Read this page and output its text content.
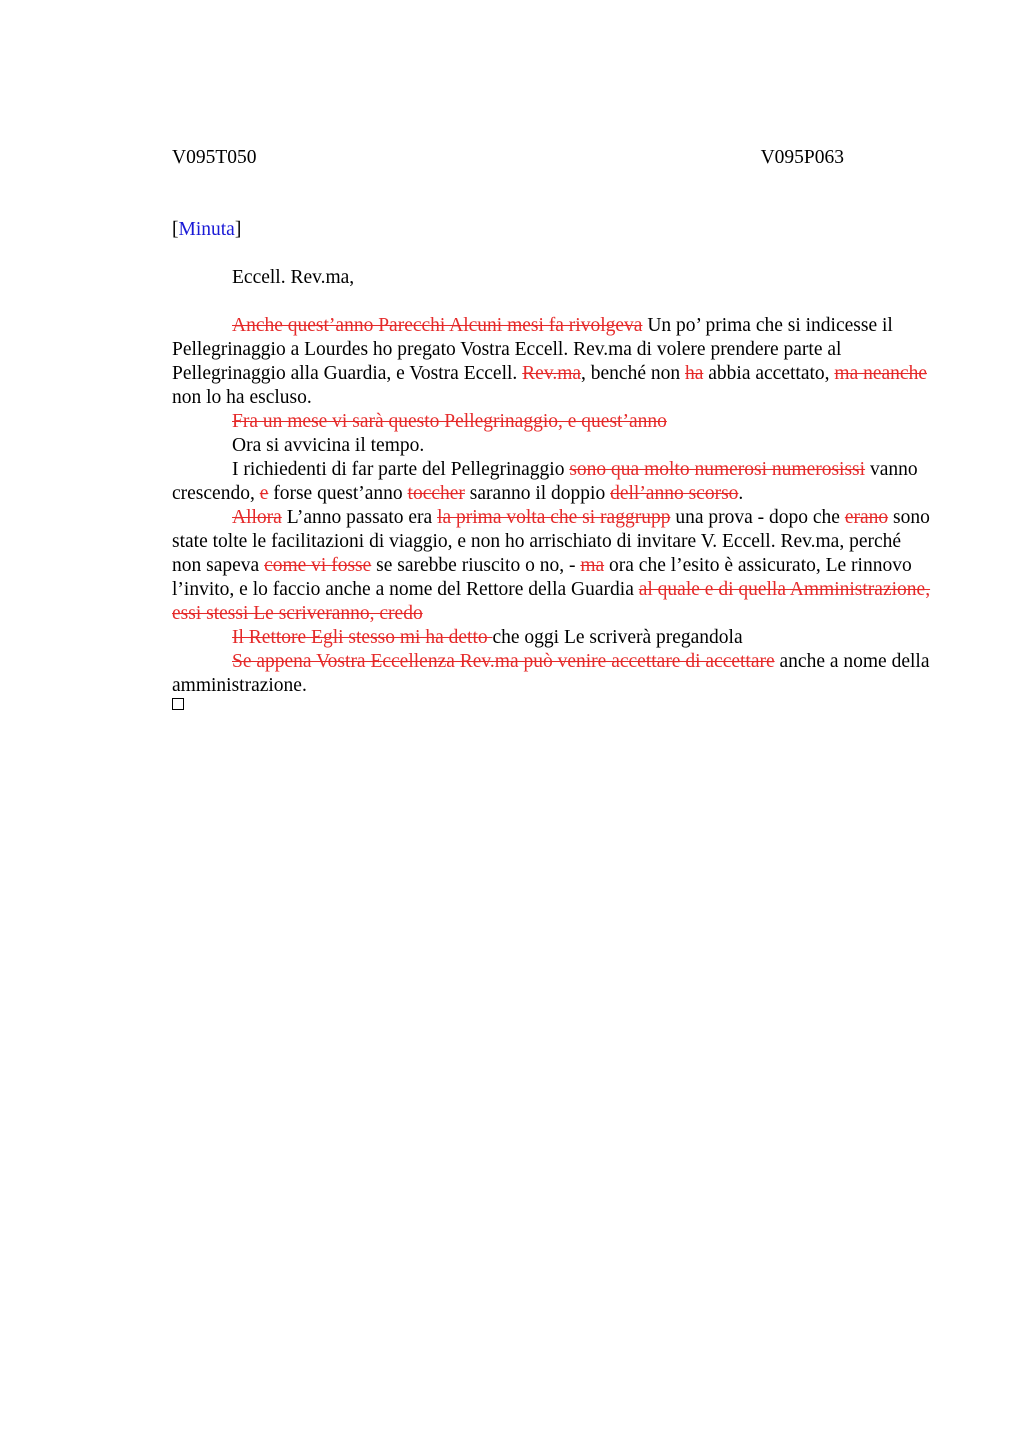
V095T050	V095P063
[Minuta]
Eccell. Rev.ma,

Anche quest’anno Parecchi Alcuni mesi fa rivolgeva Un po’ prima che si indicesse il Pellegrinaggio a Lourdes ho pregato Vostra Eccell. Rev.ma di volere prendere parte al Pellegrinaggio alla Guardia, e Vostra Eccell. Rev.ma, benché non ha abbia accettato, ma neanche non lo ha escluso.

Fra un mese vi sarà questo Pellegrinaggio, e quest’anno

Ora si avvicina il tempo.

I richiedenti di far parte del Pellegrinaggio sono qua molto numerosi numerosissi vanno crescendo, e forse quest’anno toccher saranno il doppio dell’anno scorso.

Allora L’anno passato era la prima volta che si raggrupp una prova - dopo che erano sono state tolte le facilitazioni di viaggio, e non ho arrischiato di invitare V. Eccell. Rev.ma, perché non sapeva come vi fosse se sarebbe riuscito o no, - ma ora che l’esito è assicurato, Le rinnovo l’invito, e lo faccio anche a nome del Rettore della Guardia al quale e di quella Amministrazione, essi stessi Le scriveranno, credo

Il Rettore Egli stesso mi ha detto che oggi Le scriverà pregandola

Se appena Vostra Eccellenza Rev.ma può venire accettare di accettare anche a nome della amministrazione.
